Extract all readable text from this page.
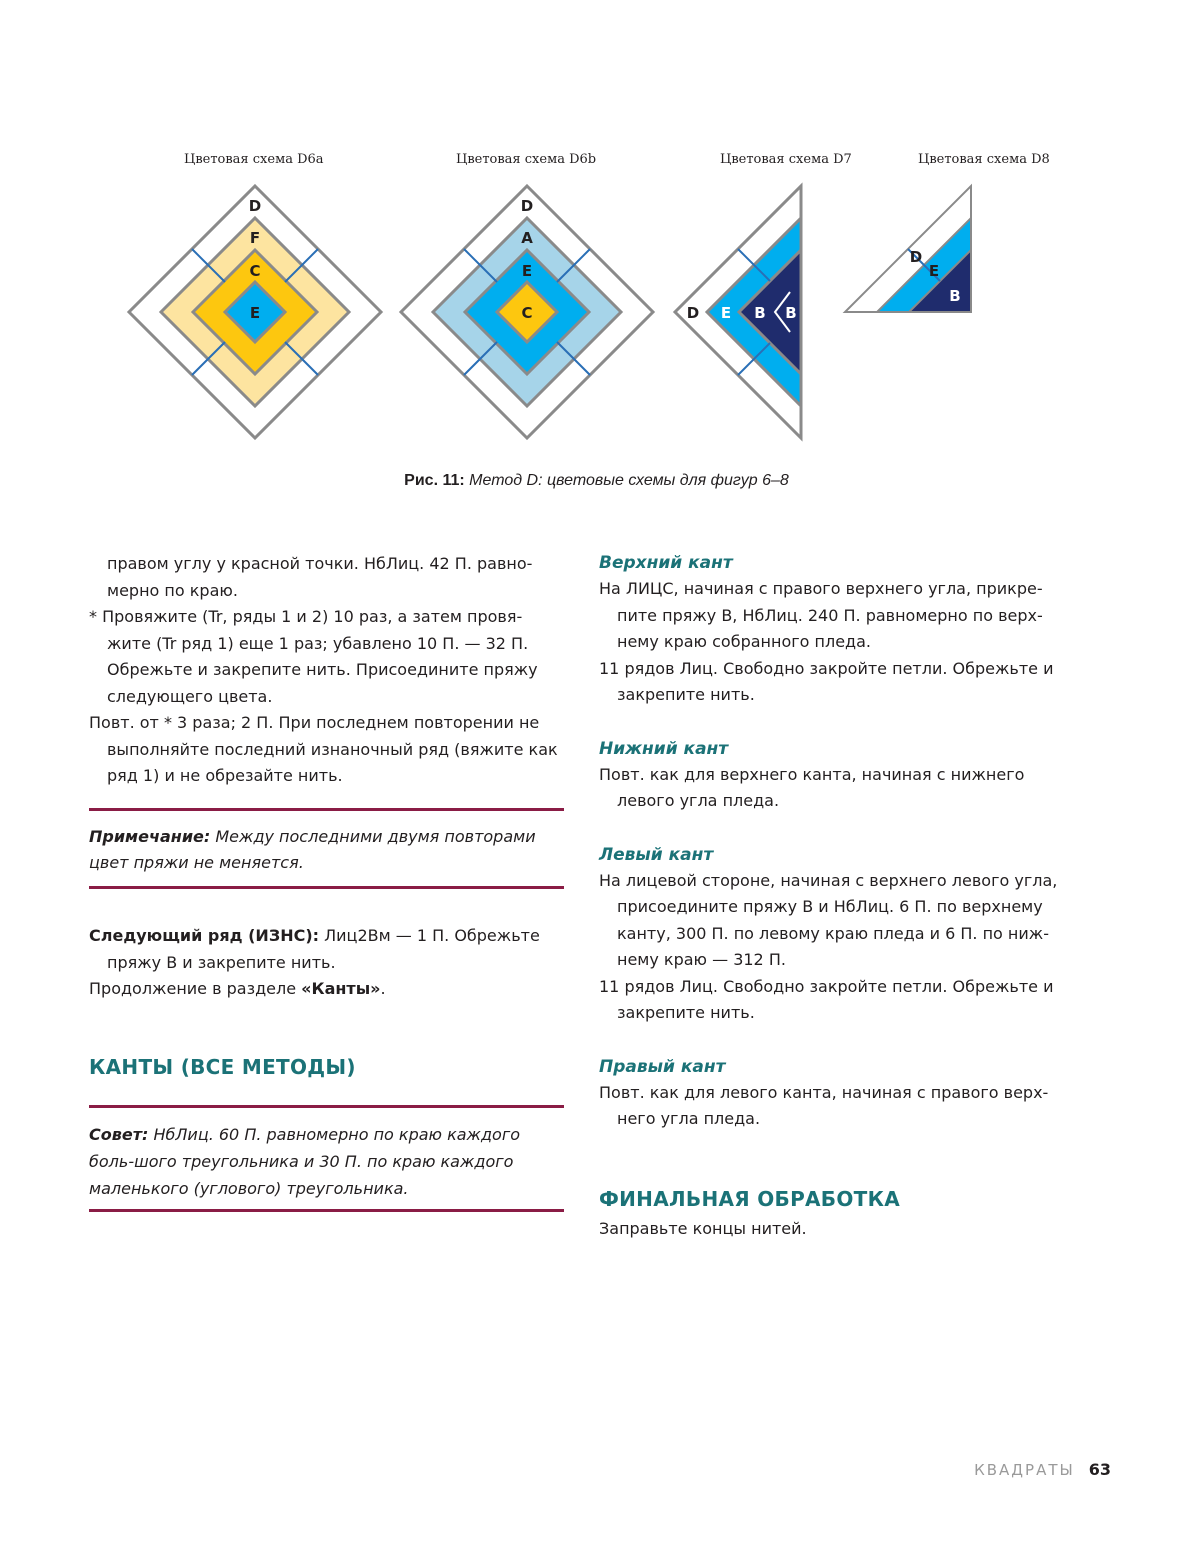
Цветовая схема D6a	Цветовая схема D6b	Цветовая схема D7	Цветовая схема D8
D
F
C
E
D
A
E
C	D E B B
D
E
B
Рис. 11: Метод D: цветовые схемы для фигур 6–8

правом углу у красной точки. НбЛиц. 42 П. равно-мерно по краю.

* Провяжите (Tr, ряды 1 и 2) 10 раз, а затем провя-жите (Tr ряд 1) еще 1 раз; убавлено 10 П. — 32 П. Обрежьте и закрепите нить. Присоедините пряжу следующего цвета.

Повт. от * 3 раза; 2 П. При последнем повторении не выполняйте последний изнаночный ряд (вяжите как ряд 1) и не обрезайте нить.

Примечание: Между последними двумя повторами цвет пряжи не меняется.

Следующий ряд (ИЗНС): Лиц2Вм — 1 П. Обрежьте пряжу B и закрепите нить.

Продолжение в разделе «Канты».

КАНТЫ (ВСЕ МЕТОДЫ)
Совет: НбЛиц. 60 П. равномерно по краю каждого боль-шого треугольника и 30 П. по краю каждого маленького (углового) треугольника.

Верхний кант

На ЛИЦС, начиная с правого верхнего угла, прикре-пите пряжу B, НбЛиц. 240 П. равномерно по верх-нему краю собранного пледа.

11 рядов Лиц. Свободно закройте петли. Обрежьте и закрепите нить.

Нижний кант

Повт. как для верхнего канта, начиная с нижнего левого угла пледа.

Левый кант

На лицевой стороне, начиная с верхнего левого угла, присоедините пряжу B и НбЛиц. 6 П. по верхнему канту, 300 П. по левому краю пледа и 6 П. по ниж-нему краю — 312 П.

11 рядов Лиц. Свободно закройте петли. Обрежьте и закрепите нить.

Правый кант

Повт. как для левого канта, начиная с правого верх-него угла пледа.

ФИНАЛЬНАЯ ОБРАБОТКА

Заправьте концы нитей.

КВАДРАТЫ 63
